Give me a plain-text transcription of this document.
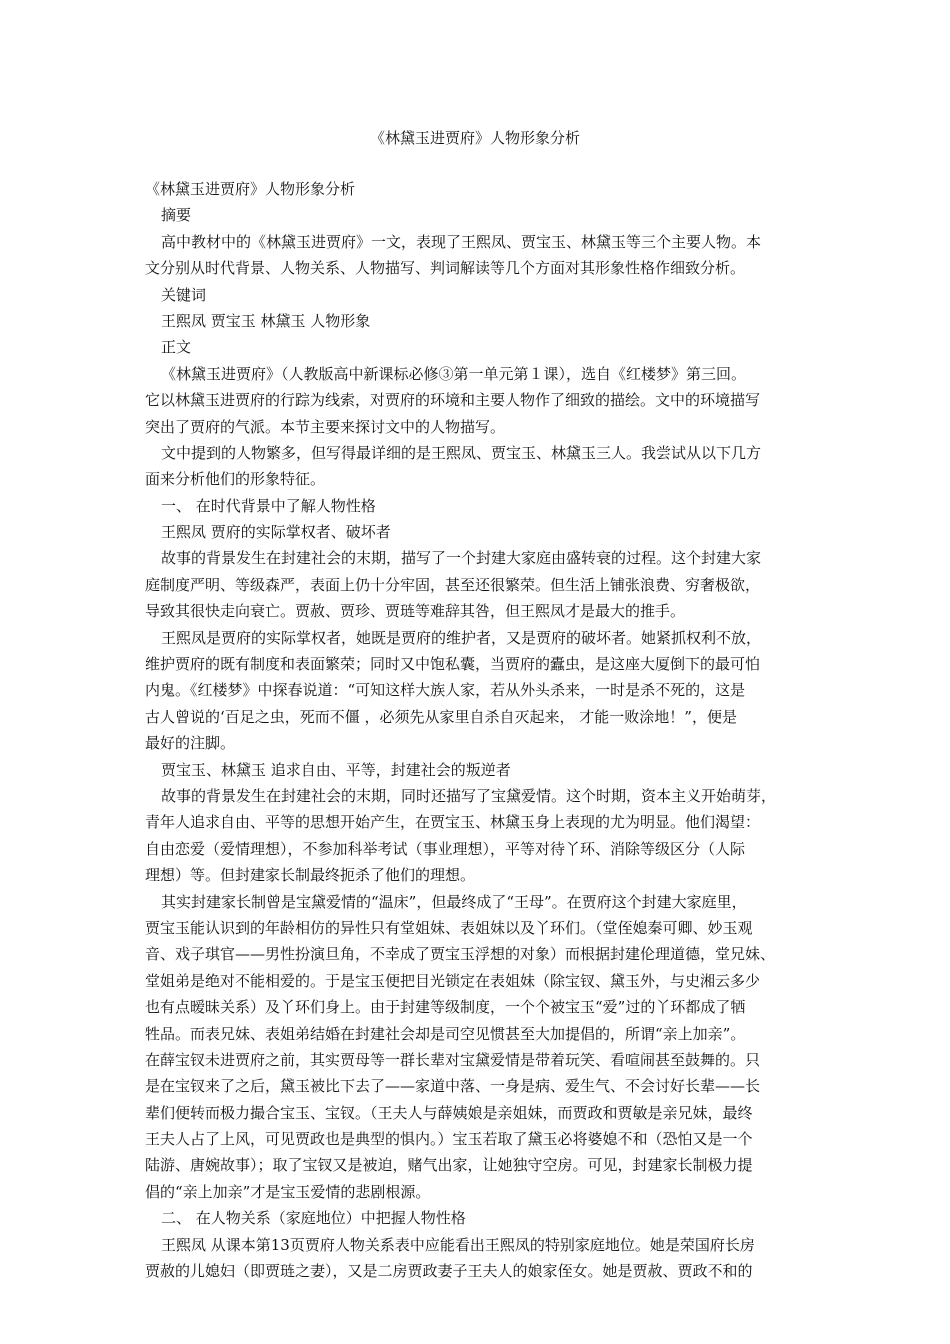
《林黛玉进贾府》人物形象分析
《林黛玉进贾府》人物形象分析
摘要
高中教材中的《林黛玉进贾府》一文，表现了王熙凤、贾宝玉、林黛玉等三个主要人物。本
文分别从时代背景、人物关系、人物描写、判词解读等几个方面对其形象性格作细致分析。
关键词
王熙凤 贾宝玉 林黛玉 人物形象
正文
《林黛玉进贾府》（人教版高中新课标必修③第一单元第１课），选自《红楼梦》第三回。
它以林黛玉进贾府的行踪为线索，对贾府的环境和主要人物作了细致的描绘。文中的环境描写
突出了贾府的气派。本节主要来探讨文中的人物描写。
文中提到的人物繁多，但写得最详细的是王熙凤、贾宝玉、林黛玉三人。我尝试从以下几方
面来分析他们的形象特征。
一、 在时代背景中了解人物性格
王熙凤 贾府的实际掌权者、破坏者
故事的背景发生在封建社会的末期，描写了一个封建大家庭由盛转衰的过程。这个封建大家
庭制度严明、等级森严，表面上仍十分牢固，甚至还很繁荣。但生活上铺张浪费、穷奢极欲，
导致其很快走向衰亡。贾赦、贾珍、贾琏等难辞其咎，但王熙凤才是最大的推手。
王熙凤是贾府的实际掌权者，她既是贾府的维护者，又是贾府的破坏者。她紧抓权利不放，
维护贾府的既有制度和表面繁荣；同时又中饱私囊，当贾府的蠹虫，是这座大厦倒下的最可怕
内鬼。《红楼梦》中探春说道：“可知这样大族人家，若从外头杀来，一时是杀不死的，这是
古人曾说的‘百足之虫，死而不僵 ，必须先从家里自杀自灭起来， 才能一败涂地！”，便是
最好的注脚。
贾宝玉、林黛玉 追求自由、平等，封建社会的叛逆者
故事的背景发生在封建社会的末期，同时还描写了宝黛爱情。这个时期，资本主义开始萌芽，
青年人追求自由、平等的思想开始产生，在贾宝玉、林黛玉身上表现的尤为明显。他们渴望：
自由恋爱（爱情理想），不参加科举考试（事业理想），平等对待丫环、消除等级区分（人际
理想）等。但封建家长制最终扼杀了他们的理想。
其实封建家长制曾是宝黛爱情的“温床”，但最终成了“王母”。在贾府这个封建大家庭里，
贾宝玉能认识到的年龄相仿的异性只有堂姐妹、表姐妹以及丫环们。（堂侄媳秦可卿、妙玉观
音、戏子琪官——男性扮演旦角，不幸成了贾宝玉浮想的对象）而根据封建伦理道德，堂兄妹、
堂姐弟是绝对不能相爱的。于是宝玉便把目光锁定在表姐妹（除宝钗、黛玉外，与史湘云多少
也有点暧昧关系）及丫环们身上。由于封建等级制度，一个个被宝玉“爱”过的丫环都成了牺
牲品。而表兄妹、表姐弟结婚在封建社会却是司空见惯甚至大加提倡的，所谓“亲上加亲”。
在薛宝钗未进贾府之前，其实贾母等一群长辈对宝黛爱情是带着玩笑、看喧闹甚至鼓舞的。只
是在宝钗来了之后，黛玉被比下去了——家道中落、一身是病、爱生气、不会讨好长辈——长
辈们便转而极力撮合宝玉、宝钗。（王夫人与薛姨娘是亲姐妹，而贾政和贾敏是亲兄妹，最终
王夫人占了上风，可见贾政也是典型的惧内。）宝玉若取了黛玉必将婆媳不和（恐怕又是一个
陆游、唐婉故事）；取了宝钗又是被迫，赌气出家，让她独守空房。可见，封建家长制极力提
倡的“亲上加亲”才是宝玉爱情的悲剧根源。
二、 在人物关系（家庭地位）中把握人物性格
王熙凤 从课本第13页贾府人物关系表中应能看出王熙凤的特别家庭地位。她是荣国府长房
贾赦的儿媳妇（即贾琏之妻），又是二房贾政妻子王夫人的娘家侄女。她是贾赦、贾政不和的
